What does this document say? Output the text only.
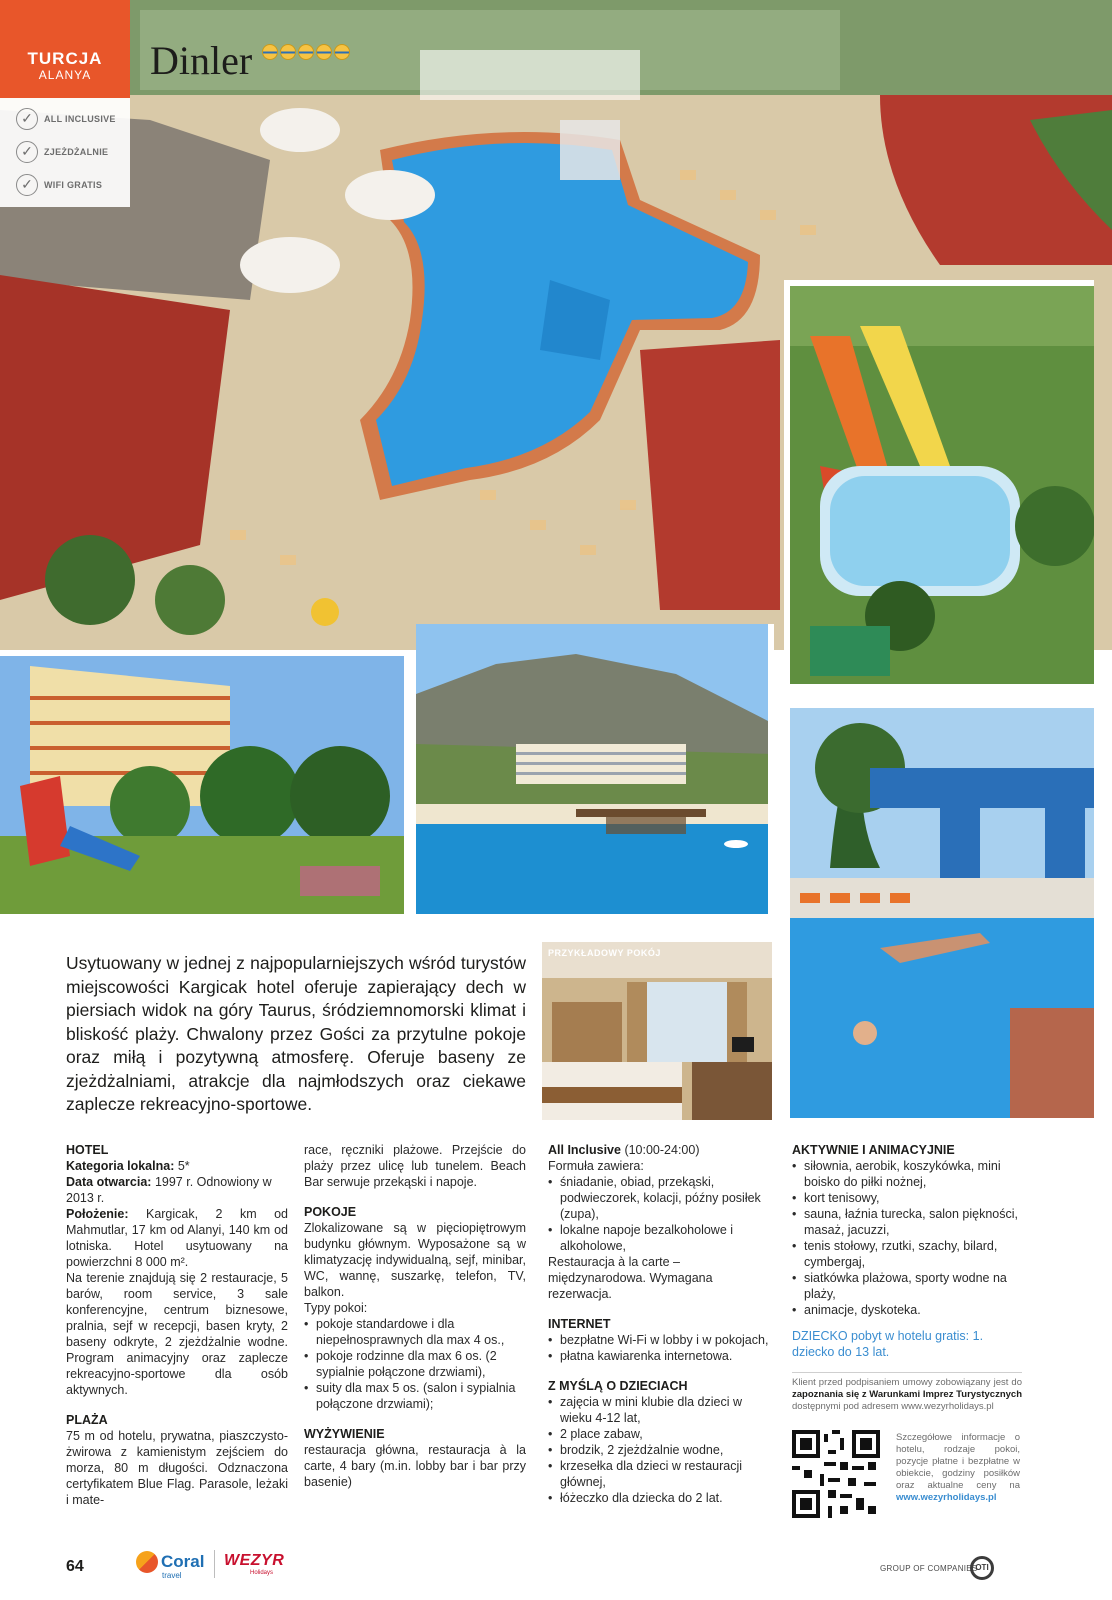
PRZYKŁADOWY POKÓJ
TURCJA
ALANYA	Dinler
✓	ALL INCLUSIVE
✓	ZJEŻDŻALNIE
✓	WIFI GRATIS

Usytuowany w jednej z najpopularniejszych wśród turystów miejscowości Kargicak hotel oferuje zapierający dech w piersiach widok na góry Taurus, śródziemnomorski klimat i bliskość plaży. Chwalony przez Gości za przytulne pokoje oraz miłą i pozytywną atmosferę. Oferuje baseny ze zjeżdżalniami, atrakcje dla najmłodszych oraz ciekawe zaplecze rekreacyjno-sportowe.

HOTEL

Kategoria lokalna: 5*

Data otwarcia: 1997 r. Odnowiony w 2013 r.

Położenie: Kargicak, 2 km od Mahmutlar, 17 km od Alanyi, 140 km od lotniska. Hotel usytuowany na powierzchni 8 000 m².

Na terenie znajdują się 2 restauracje, 5 barów, room service, 3 sale konferencyjne, centrum biznesowe, pralnia, sejf w recepcji, basen kryty, 2 baseny odkryte, 2 zjeżdżalnie wodne. Program animacyjny oraz zaplecze rekreacyjno-sportowe dla osób aktywnych.

PLAŻA

75 m od hotelu, prywatna, piaszczysto-żwirowa z kamienistym zejściem do morza, 80 m długości. Odznaczona certyfikatem Blue Flag. Parasole, leżaki i mate-

race, ręczniki plażowe. Przejście do plaży przez ulicę lub tunelem. Beach Bar serwuje przekąski i napoje.

POKOJE

Zlokalizowane są w pięciopiętrowym budynku głównym. Wyposażone są w klimatyzację indywidualną, sejf, minibar, WC, wannę, suszarkę, telefon, TV, balkon.

Typy pokoi:

• pokoje standardowe i dla niepełnosprawnych dla max 4 os.,
• pokoje rodzinne dla max 6 os. (2 sypialnie połączone drzwiami),
• suity dla max 5 os. (salon i sypialnia połączone drzwiami);

WYŻYWIENIE

restauracja główna, restauracja à la carte, 4 bary (m.in. lobby bar i bar przy basenie)

All Inclusive (10:00-24:00)

Formuła zawiera:

• śniadanie, obiad, przekąski, podwieczorek, kolacji, późny posiłek (zupa),
• lokalne napoje bezalkoholowe i alkoholowe,

Restauracja à la carte – międzynarodowa. Wymagana rezerwacja.

INTERNET

• bezpłatne Wi-Fi w lobby i w pokojach,
• płatna kawiarenka internetowa.

Z MYŚLĄ O DZIECIACH

• zajęcia w mini klubie dla dzieci w wieku 4-12 lat,
• 2 place zabaw,
• brodzik, 2 zjeżdżalnie wodne,
• krzesełka dla dzieci w restauracji głównej,
• łóżeczko dla dziecka do 2 lat.

AKTYWNIE I ANIMACYJNIE

• siłownia, aerobik, koszykówka, mini boisko do piłki nożnej,
• kort tenisowy,
• sauna, łaźnia turecka, salon piękności, masaż, jacuzzi,
• tenis stołowy, rzutki, szachy, bilard, cymbergaj,
• siatkówka plażowa, sporty wodne na plaży,
• animacje, dyskoteka.

DZIECKO pobyt w hotelu gratis: 1. dziecko do 13 lat.

Klient przed podpisaniem umowy zobowiązany jest do zapoznania się z Warunkami Imprez Turystycznych dostępnymi pod adresem www.wezyrholidays.pl

Szczegółowe informacje o hotelu, rodzaje pokoi, pozycje płatne i bezpłatne w obiekcie, godziny posiłków oraz aktualne ceny na www.wezyrholidays.pl

64	Coral
travel
WEZYR
Holidays	GROUP OF COMPANIES
OTI
